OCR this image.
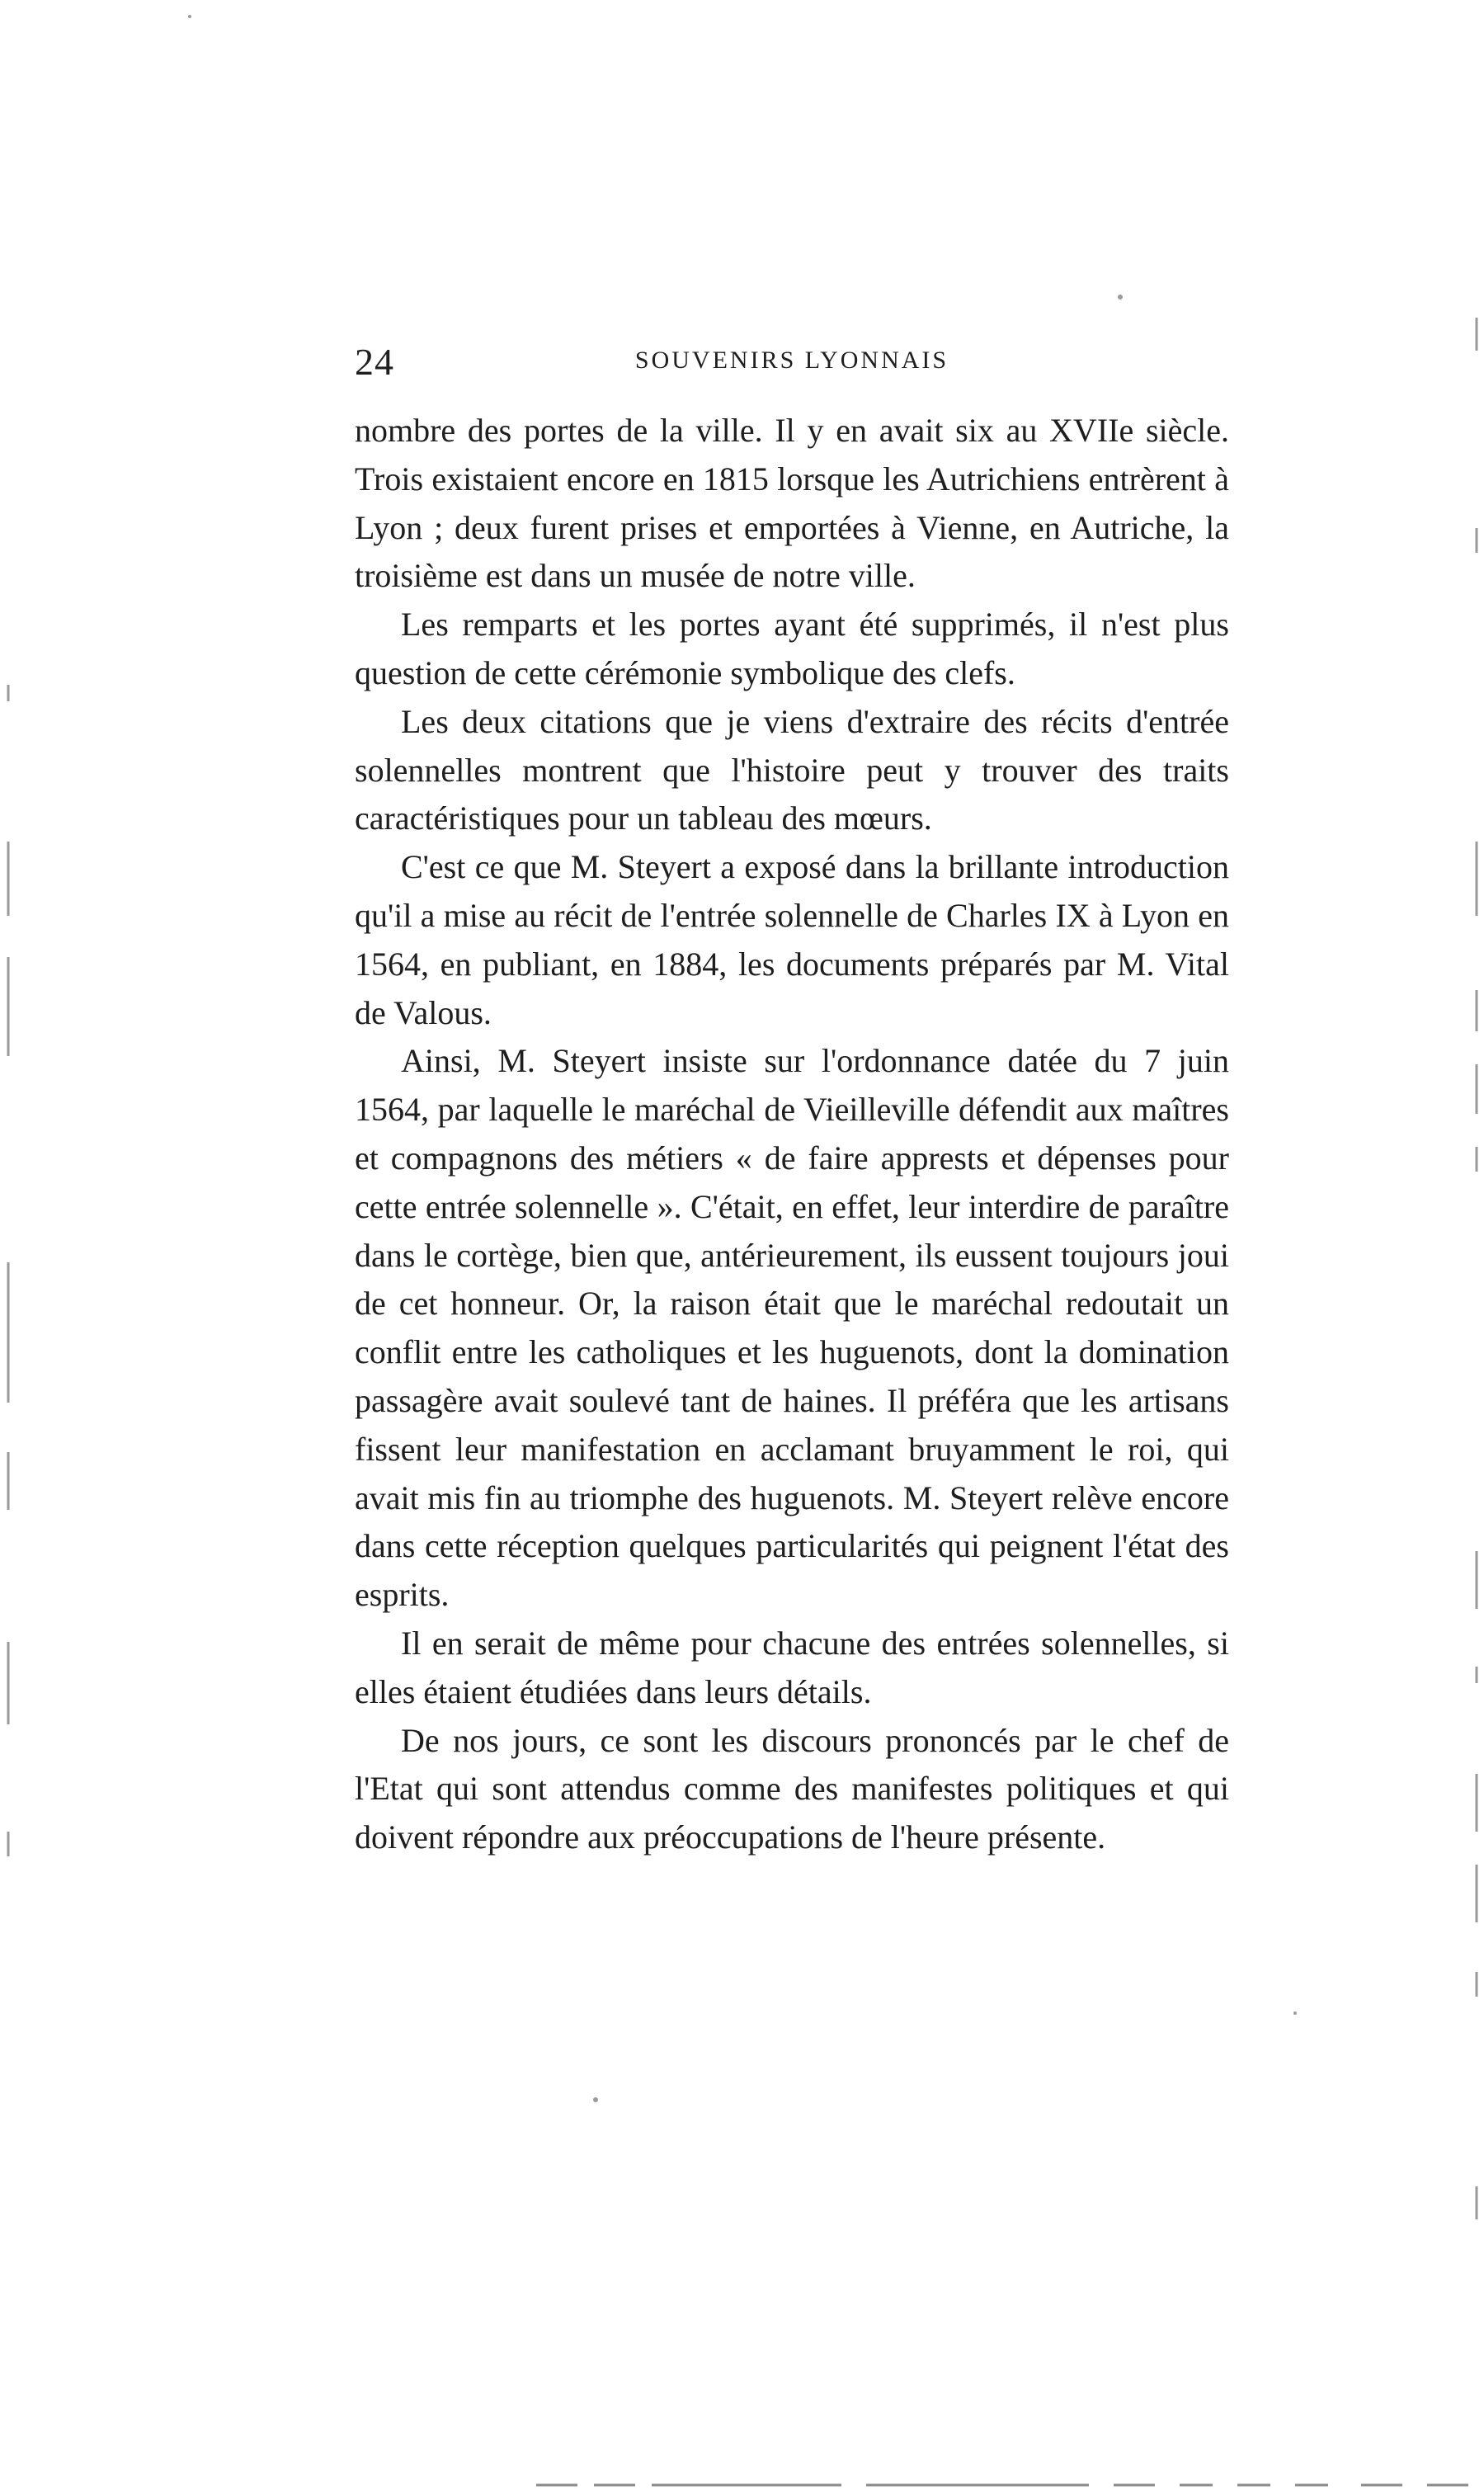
24	SOUVENIRS LYONNAIS

nombre des portes de la ville. Il y en avait six au XVIIe siècle. Trois existaient encore en 1815 lorsque les Autrichiens entrèrent à Lyon ; deux furent prises et emportées à Vienne, en Autriche, la troisième est dans un musée de notre ville.

Les remparts et les portes ayant été supprimés, il n'est plus question de cette cérémonie symbolique des clefs.

Les deux citations que je viens d'extraire des récits d'entrée solennelles montrent que l'histoire peut y trouver des traits caractéristiques pour un tableau des mœurs.

C'est ce que M. Steyert a exposé dans la brillante introduction qu'il a mise au récit de l'entrée solennelle de Charles IX à Lyon en 1564, en publiant, en 1884, les documents préparés par M. Vital de Valous.

Ainsi, M. Steyert insiste sur l'ordonnance datée du 7 juin 1564, par laquelle le maréchal de Vieilleville défendit aux maîtres et compagnons des métiers « de faire apprests et dépenses pour cette entrée solennelle ». C'était, en effet, leur interdire de paraître dans le cortège, bien que, antérieurement, ils eussent toujours joui de cet honneur. Or, la raison était que le maréchal redoutait un conflit entre les catholiques et les huguenots, dont la domination passagère avait soulevé tant de haines. Il préféra que les artisans fissent leur manifestation en acclamant bruyamment le roi, qui avait mis fin au triomphe des huguenots. M. Steyert relève encore dans cette réception quelques particularités qui peignent l'état des esprits.

Il en serait de même pour chacune des entrées solennelles, si elles étaient étudiées dans leurs détails.

De nos jours, ce sont les discours prononcés par le chef de l'Etat qui sont attendus comme des manifestes politiques et qui doivent répondre aux préoccupations de l'heure présente.
